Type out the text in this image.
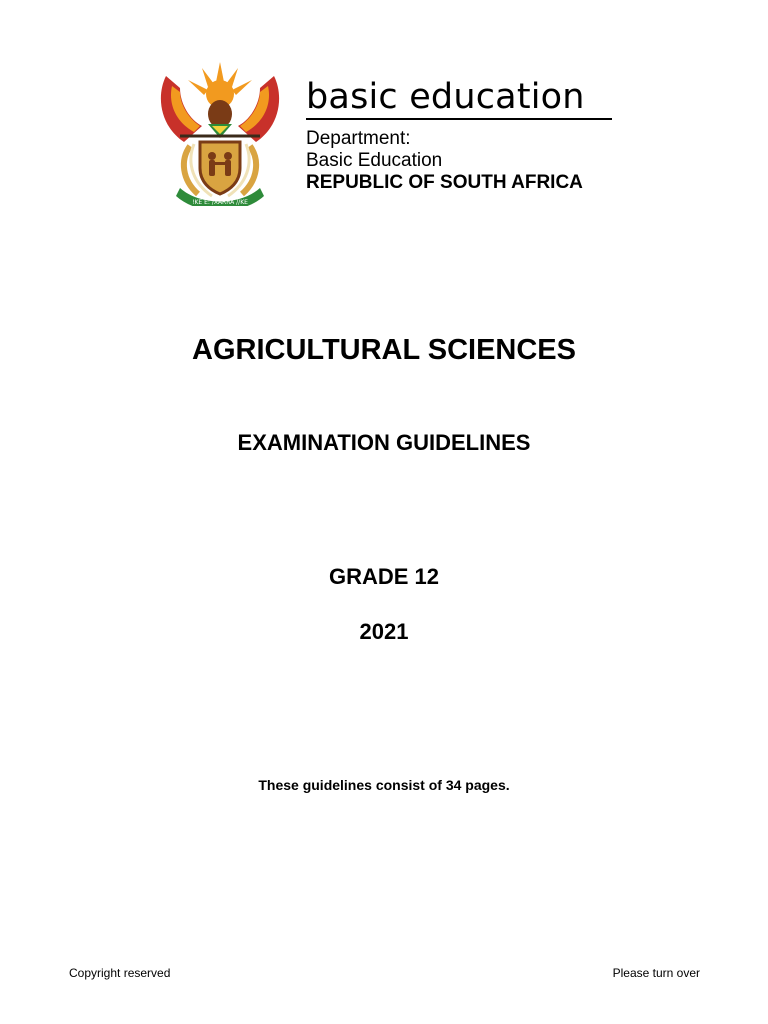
!KE E: /XARRA //KE
basic education
Department:
Basic Education
REPUBLIC OF SOUTH AFRICA
AGRICULTURAL SCIENCES
EXAMINATION GUIDELINES
GRADE 12
2021
These guidelines consist of 34 pages.
Copyright reserved	Please turn over
